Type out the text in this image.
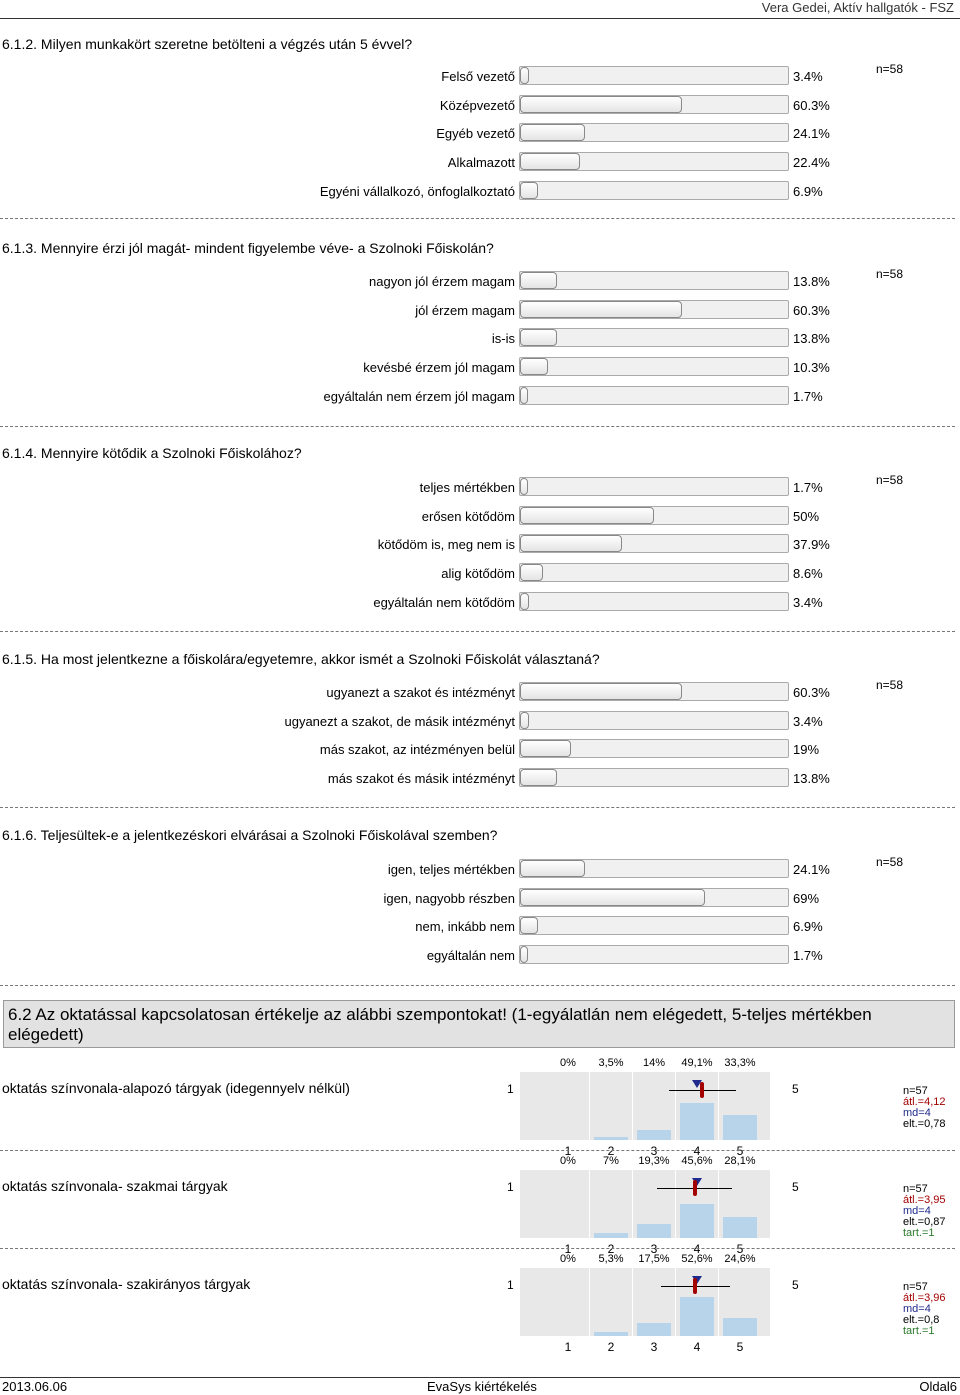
Vera Gedei, Aktív hallgatók - FSZ
6.1.2. Milyen munkakört szeretne betölteni a végzés után 5 évvel?
n=58
Felső vezető	3.4%
Középvezető	60.3%
Egyéb vezető	24.1%
Alkalmazott	22.4%
Egyéni vállalkozó, önfoglalkoztató	6.9%
6.1.3. Mennyire érzi jól magát- mindent figyelembe véve- a Szolnoki Főiskolán?
n=58
nagyon jól érzem magam	13.8%
jól érzem magam	60.3%
is-is	13.8%
kevésbé érzem jól magam	10.3%
egyáltalán nem érzem jól magam	1.7%
6.1.4. Mennyire kötődik a Szolnoki Főiskolához?
n=58
teljes mértékben	1.7%
erősen kötődöm	50%
kötődöm is, meg nem is	37.9%
alig kötődöm	8.6%
egyáltalán nem kötődöm	3.4%
6.1.5. Ha most jelentkezne a főiskolára/egyetemre, akkor ismét a Szolnoki Főiskolát választaná?
n=58
ugyanezt a szakot és intézményt	60.3%
ugyanezt a szakot, de másik intézményt	3.4%
más szakot, az intézményen belül	19%
más szakot és másik intézményt	13.8%
6.1.6. Teljesültek-e a jelentkezéskori elvárásai a Szolnoki Főiskolával szemben?
n=58
igen, teljes mértékben	24.1%
igen, nagyobb részben	69%
nem, inkább nem	6.9%
egyáltalán nem	1.7%
6.2 Az oktatással kapcsolatosan értékelje az alábbi szempontokat! (1-egyálatlán nem elégedett, 5-teljes mértékben elégedett)
oktatás színvonala-alapozó tárgyak (idegennyelv nélkül)	1	5
0% 3,5% 14% 49,1% 33,3%
1	2	3	4	5
n=57
átl.=4,12
md=4
elt.=0,78
oktatás színvonala- szakmai tárgyak	1	5
0% 7% 19,3% 45,6% 28,1%
1	2	3	4	5
n=57
átl.=3,95
md=4
elt.=0,87
tart.=1
oktatás színvonala- szakirányos tárgyak	1	5
0% 5,3% 17,5% 52,6% 24,6%
1	2	3	4	5
n=57
átl.=3,96
md=4
elt.=0,8
tart.=1
2013.06.06	EvaSys kiértékelés	Oldal6
